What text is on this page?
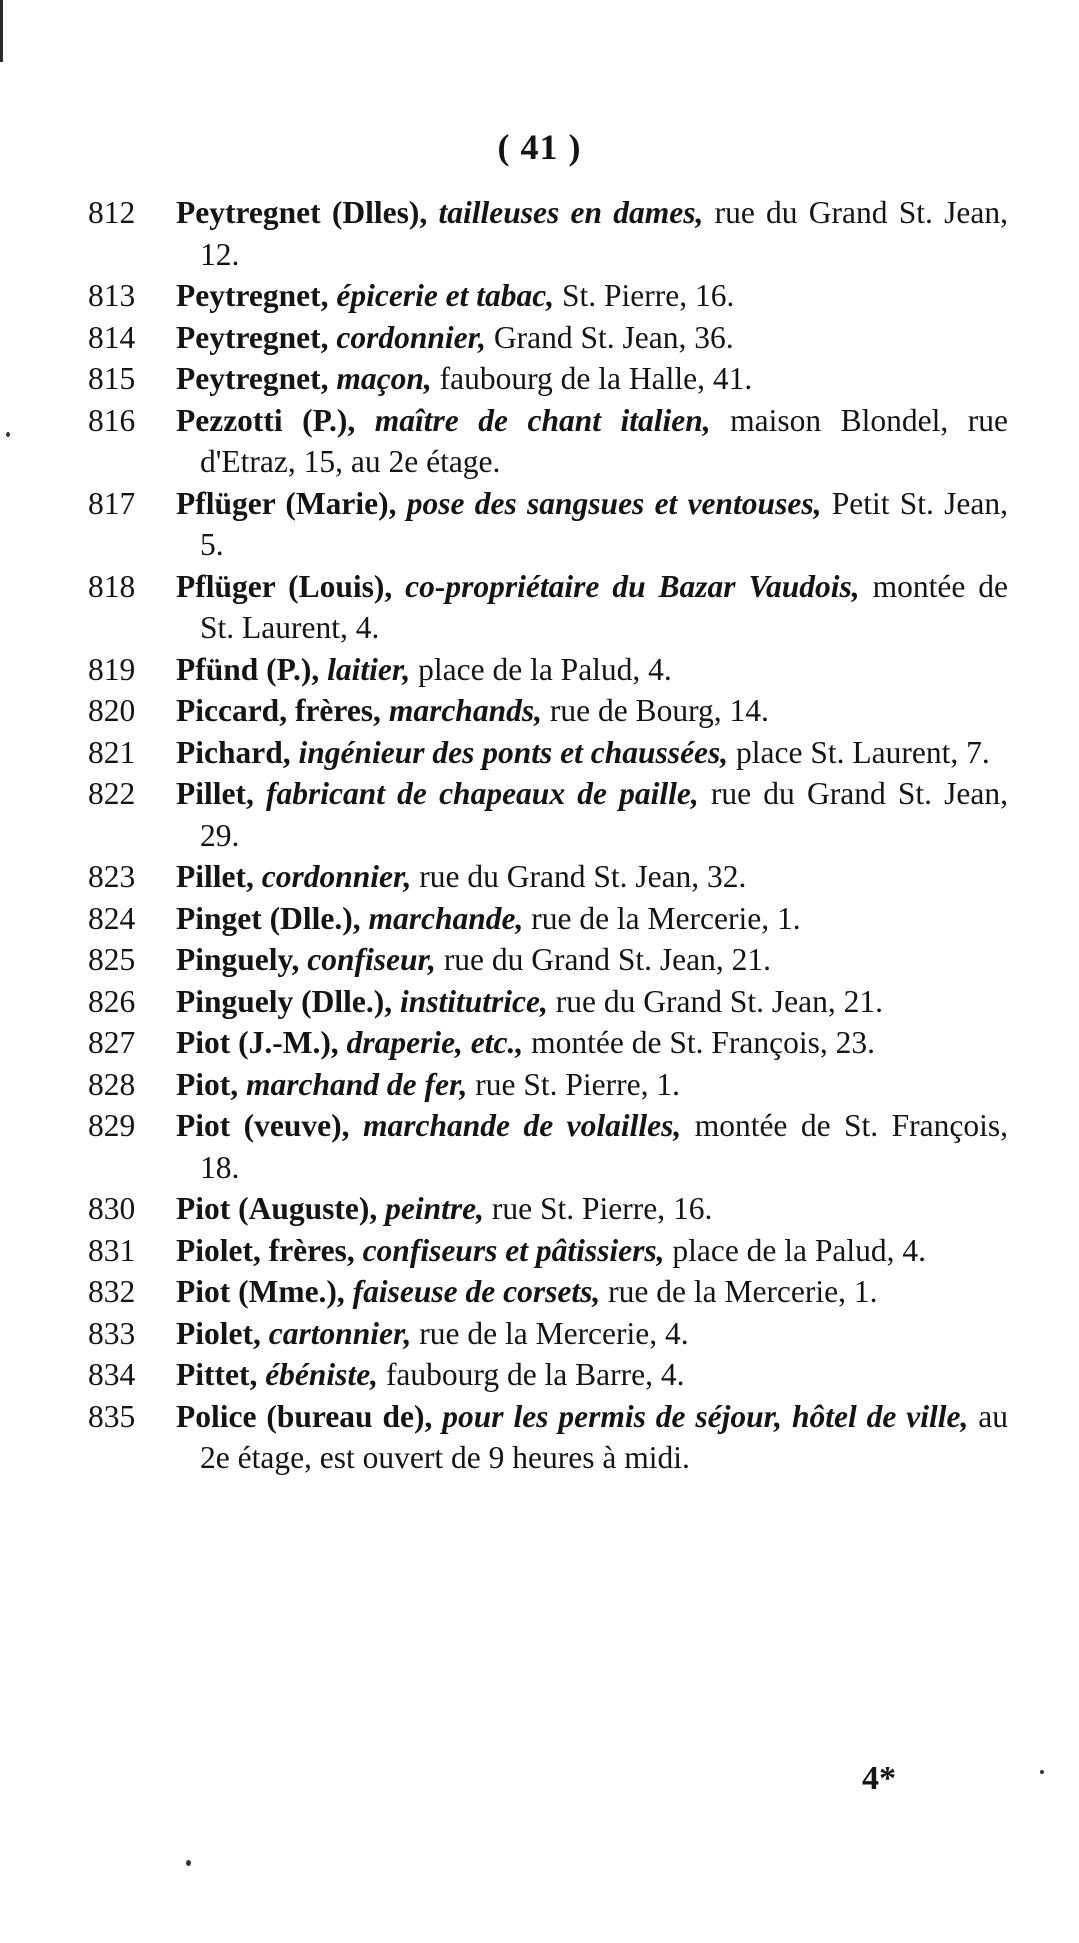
( 41 )
812 Peytregnet (Dlles), tailleuses en dames, rue du Grand St. Jean, 12.
813 Peytregnet, épicerie et tabac, St. Pierre, 16.
814 Peytregnet, cordonnier, Grand St. Jean, 36.
815 Peytregnet, maçon, faubourg de la Halle, 41.
816 Pezzotti (P.), maître de chant italien, maison Blondel, rue d'Etraz, 15, au 2e étage.
817 Pflüger (Marie), pose des sangsues et ventouses, Petit St. Jean, 5.
818 Pflüger (Louis), co-propriétaire du Bazar Vaudois, montée de St. Laurent, 4.
819 Pfünd (P.), laitier, place de la Palud, 4.
820 Piccard, frères, marchands, rue de Bourg, 14.
821 Pichard, ingénieur des ponts et chaussées, place St. Laurent, 7.
822 Pillet, fabricant de chapeaux de paille, rue du Grand St. Jean, 29.
823 Pillet, cordonnier, rue du Grand St. Jean, 32.
824 Pinget (Dlle.), marchande, rue de la Mercerie, 1.
825 Pinguely, confiseur, rue du Grand St. Jean, 21.
826 Pinguely (Dlle.), institutrice, rue du Grand St. Jean, 21.
827 Piot (J.-M.), draperie, etc., montée de St. François, 23.
828 Piot, marchand de fer, rue St. Pierre, 1.
829 Piot (veuve), marchande de volailles, montée de St. François, 18.
830 Piot (Auguste), peintre, rue St. Pierre, 16.
831 Piolet, frères, confiseurs et pâtissiers, place de la Palud, 4.
832 Piot (Mme.), faiseuse de corsets, rue de la Mercerie, 1.
833 Piolet, cartonnier, rue de la Mercerie, 4.
834 Pittet, ébéniste, faubourg de la Barre, 4.
835 Police (bureau de), pour les permis de séjour, hôtel de ville, au 2e étage, est ouvert de 9 heures à midi.
4*
